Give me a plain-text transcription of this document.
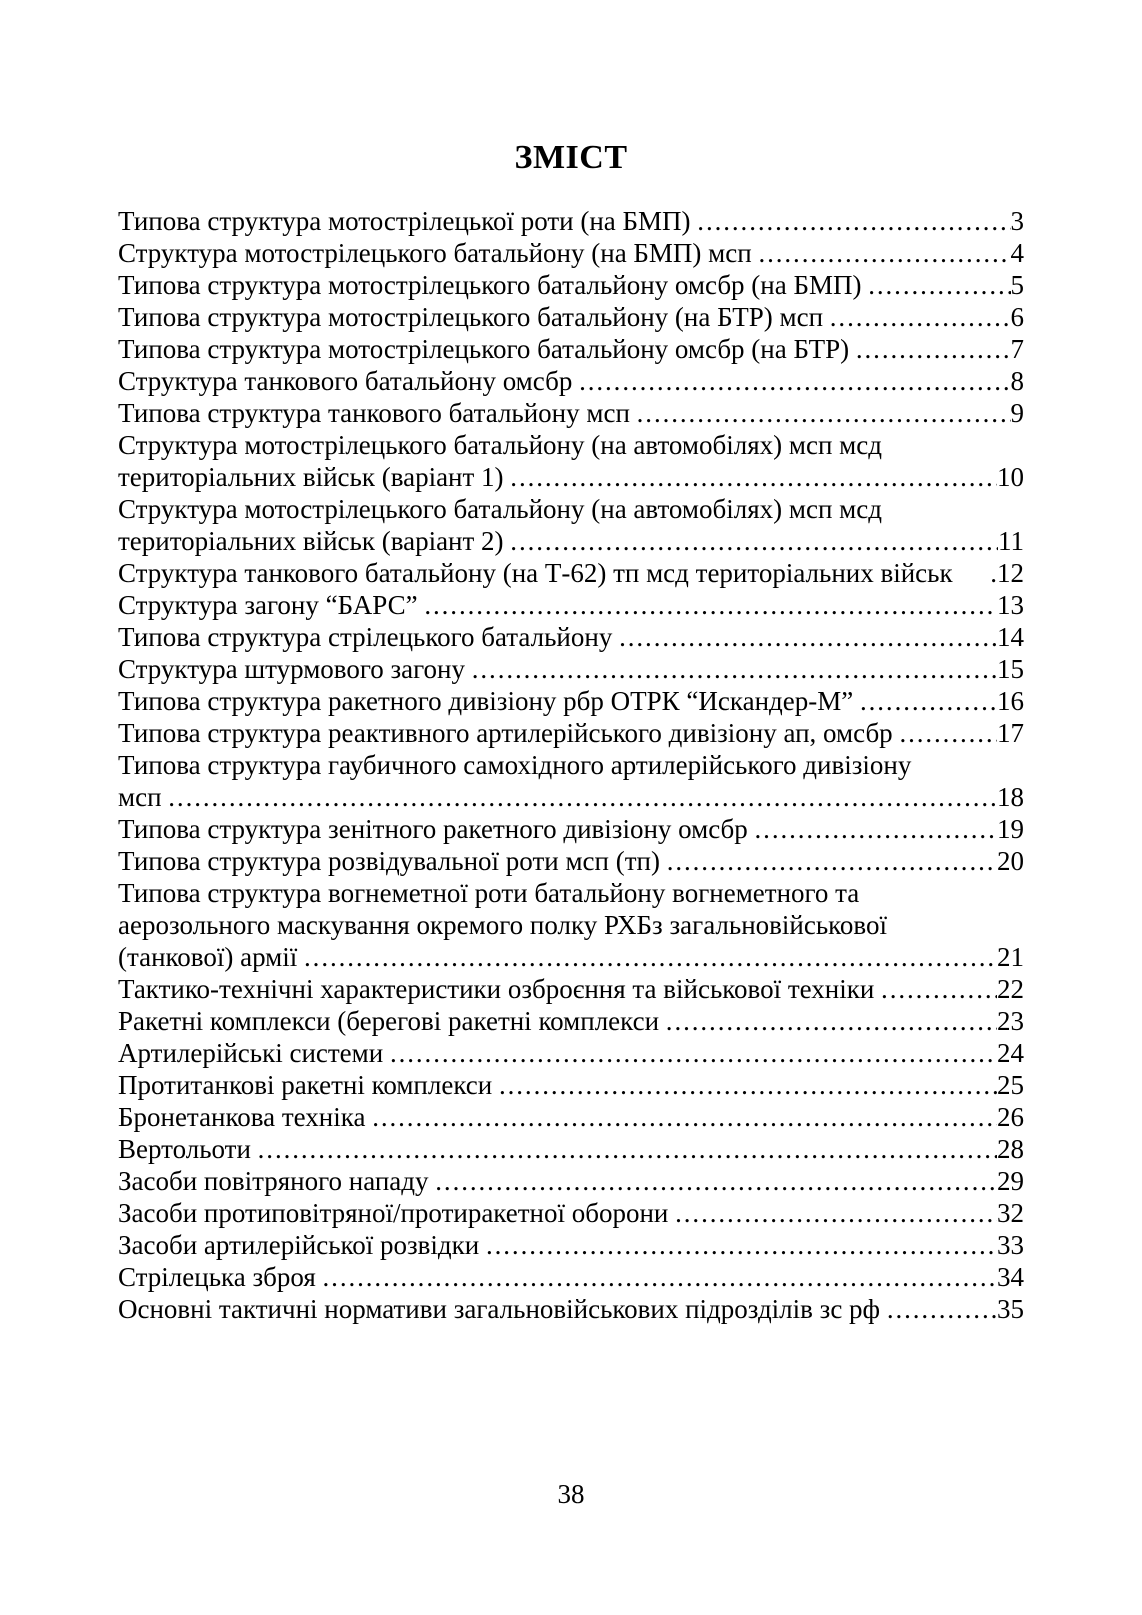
ЗМІСТ
Типова структура мотострілецької роти (на БМП) .....	3
Структура мотострілецького батальйону (на БМП) мсп .....	4
Типова структура мотострілецького батальйону омсбр (на БМП) .....	5
Типова структура мотострілецького батальйону (на БТР) мсп .....	6
Типова структура мотострілецького батальйону омсбр (на БТР) .....	7
Структура танкового батальйону омсбр .....	8
Типова структура танкового батальйону мсп .....	9
Структура мотострілецького батальйону (на автомобілях) мсп мсд
територіальних військ (варіант 1) .....	10
Структура мотострілецького батальйону (на автомобілях) мсп мсд
територіальних військ (варіант 2) .....	11
Структура танкового батальйону (на Т-62) тп мсд територіальних військ .	12
Структура загону “БАРС” .....	13
Типова структура стрілецького батальйону .....	14
Структура штурмового загону .....	15
Типова структура ракетного дивізіону рбр ОТРК “Искандер-М” .....	16
Типова структура реактивного артилерійського дивізіону ап, омсбр .....	17
Типова структура гаубичного самохідного артилерійського дивізіону
мсп .....	18
Типова структура зенітного ракетного дивізіону омсбр .....	19
Типова структура розвідувальної роти мсп (тп) .....	20
Типова структура вогнеметної роти батальйону вогнеметного та
аерозольного маскування окремого полку РХБз загальновійськової
(танкової) армії .....	21
Тактико-технічні характеристики озброєння та військової техніки .....	22
Ракетні комплекси (берегові ракетні комплекси .....	23
Артилерійські системи .....	24
Протитанкові ракетні комплекси .....	25
Бронетанкова техніка .....	26
Вертольоти .....	28
Засоби повітряного нападу .....	29
Засоби протиповітряної/протиракетної оборони .....	32
Засоби артилерійської розвідки .....	33
Стрілецька зброя .....	34
Основні тактичні нормативи загальновійськових підрозділів зс рф .....	35
38
